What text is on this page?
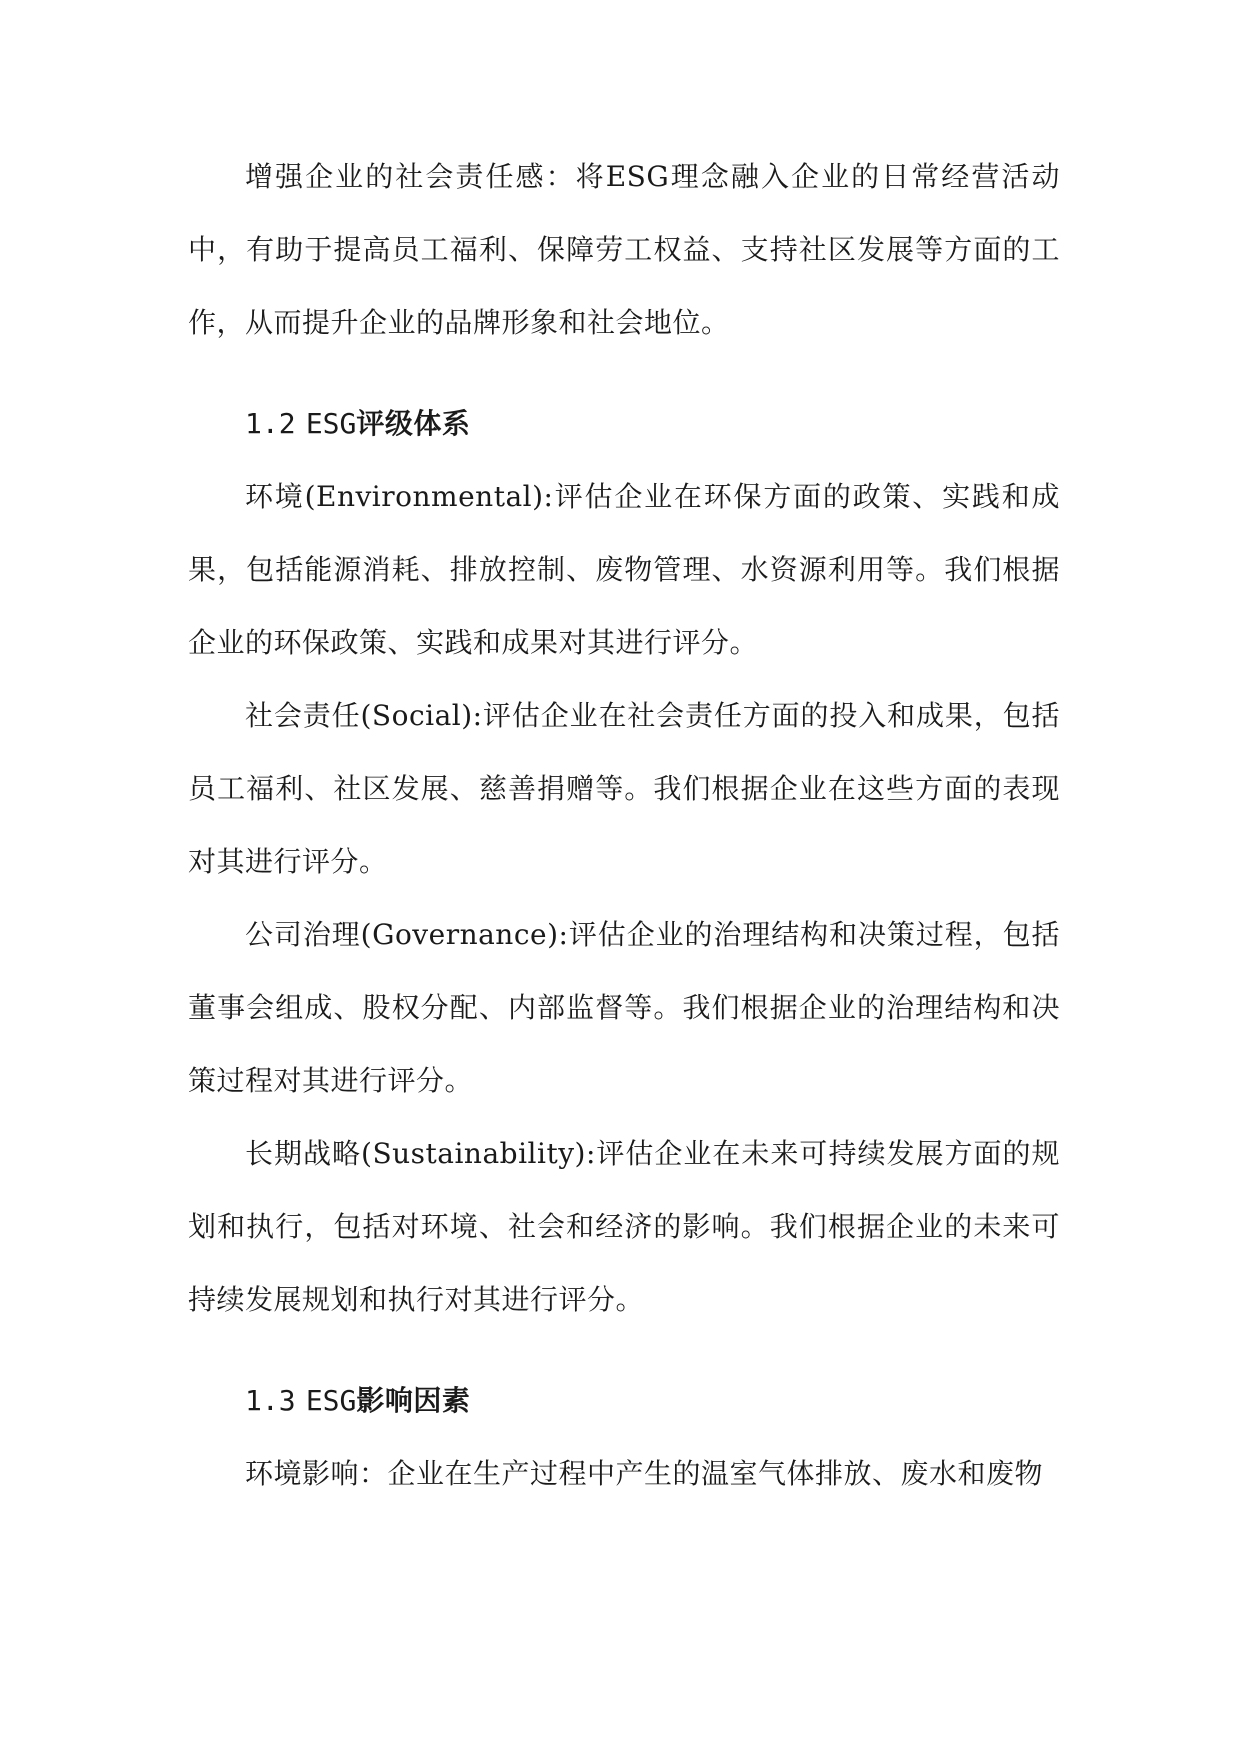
增强企业的社会责任感：将ESG理念融入企业的日常经营活动中，有助于提高员工福利、保障劳工权益、支持社区发展等方面的工作，从而提升企业的品牌形象和社会地位。

1.2 ESG评级体系

环境(Environmental):评估企业在环保方面的政策、实践和成果，包括能源消耗、排放控制、废物管理、水资源利用等。我们根据企业的环保政策、实践和成果对其进行评分。

社会责任(Social):评估企业在社会责任方面的投入和成果，包括员工福利、社区发展、慈善捐赠等。我们根据企业在这些方面的表现对其进行评分。

公司治理(Governance):评估企业的治理结构和决策过程，包括董事会组成、股权分配、内部监督等。我们根据企业的治理结构和决策过程对其进行评分。

长期战略(Sustainability):评估企业在未来可持续发展方面的规划和执行，包括对环境、社会和经济的影响。我们根据企业的未来可持续发展规划和执行对其进行评分。

1.3 ESG影响因素

环境影响：企业在生产过程中产生的温室气体排放、废水和废物
